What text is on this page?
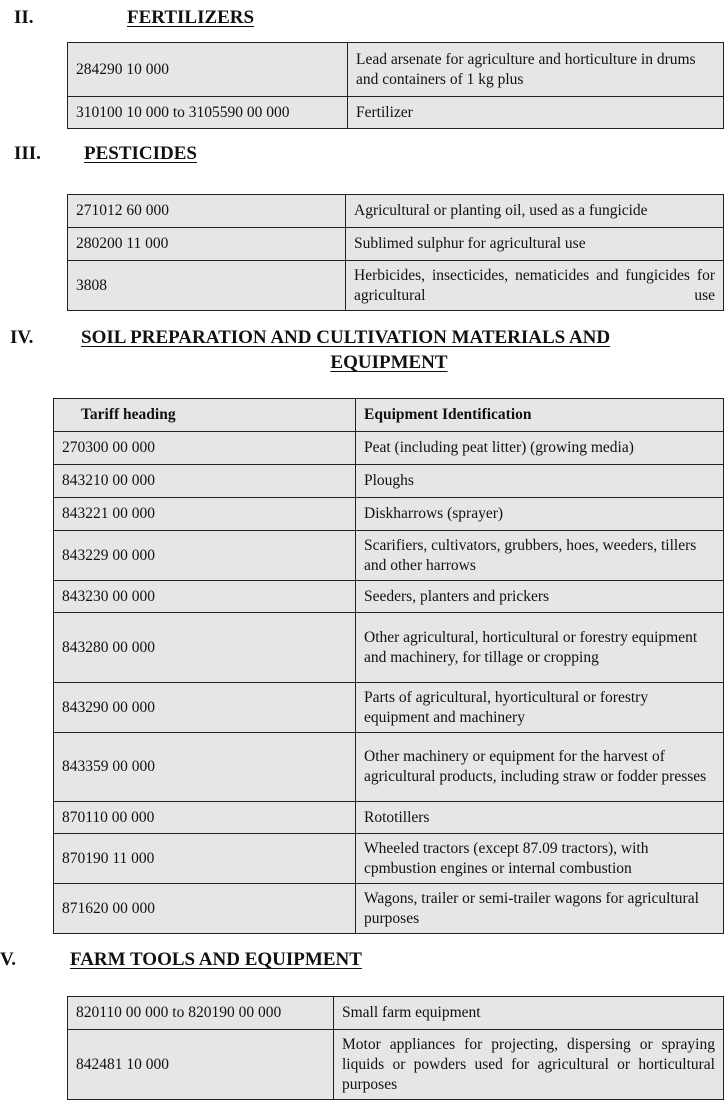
II.	FERTILIZERS
284290 10 000	Lead arsenate for agriculture and horticulture in drums and containers of 1 kg plus
310100 10 000 to 3105590 00 000	Fertilizer
III. PESTICIDES
271012 60 000	Agricultural or planting oil, used as a fungicide
280200 11 000	Sublimed sulphur for agricultural use
3808	Herbicides, insecticides, nematicides and fungicides for agricultural use
IV.	SOIL PREPARATION AND CULTIVATION MATERIALS AND
EQUIPMENT
Tariff heading	Equipment Identification
270300 00 000	Peat (including peat litter) (growing media)
843210 00 000	Ploughs
843221 00 000	Diskharrows (sprayer)
843229 00 000	Scarifiers, cultivators, grubbers, hoes, weeders, tillers and other harrows
843230 00 000	Seeders, planters and prickers
843280 00 000	Other agricultural, horticultural or forestry equipment and machinery, for tillage or cropping
843290 00 000	Parts of agricultural, hyorticultural or forestry equipment and machinery
843359 00 000	Other machinery or equipment for the harvest of agricultural products, including straw or fodder presses
870110 00 000	Rototillers
870190 11 000	Wheeled tractors (except 87.09 tractors), with cpmbustion engines or internal combustion
871620 00 000	Wagons, trailer or semi-trailer wagons for agricultural purposes
V.	FARM TOOLS AND EQUIPMENT
820110 00 000 to 820190 00 000	Small farm equipment
842481 10 000	Motor appliances for projecting, dispersing or spraying liquids or powders used for agricultural or horticultural purposes
